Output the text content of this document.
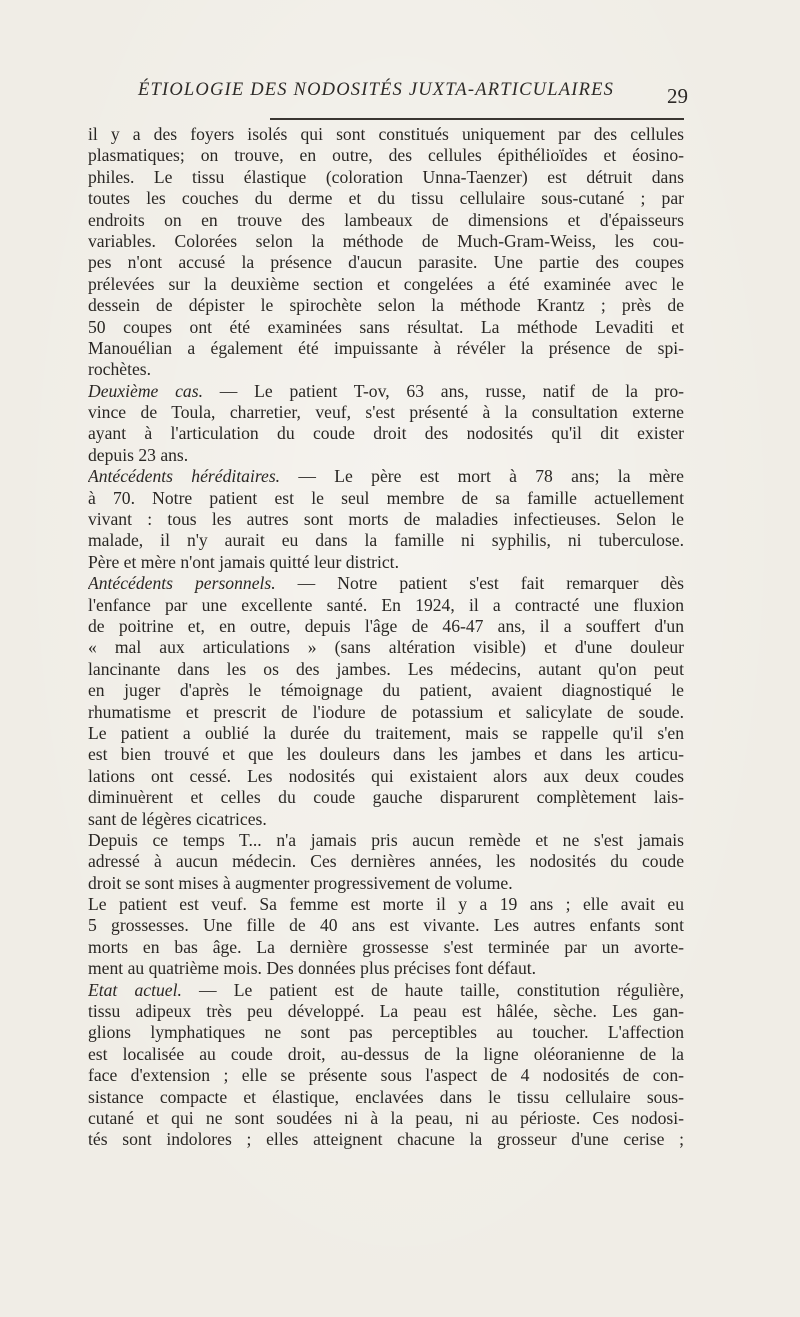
ÉTIOLOGIE DES NODOSITÉS JUXTA-ARTICULAIRES	29
il y a des foyers isolés qui sont constitués uniquement par des cellules
plasmatiques; on trouve, en outre, des cellules épithélioïdes et éosino-
philes. Le tissu élastique (coloration Unna-Taenzer) est détruit dans
toutes les couches du derme et du tissu cellulaire sous-cutané ; par
endroits on en trouve des lambeaux de dimensions et d'épaisseurs
variables. Colorées selon la méthode de Much-Gram-Weiss, les cou-
pes n'ont accusé la présence d'aucun parasite. Une partie des coupes
prélevées sur la deuxième section et congelées a été examinée avec le
dessein de dépister le spirochète selon la méthode Krantz ; près de
50 coupes ont été examinées sans résultat. La méthode Levaditi et
Manouélian a également été impuissante à révéler la présence de spi-
rochètes.
Deuxième cas. — Le patient T-ov, 63 ans, russe, natif de la pro-
vince de Toula, charretier, veuf, s'est présenté à la consultation externe
ayant à l'articulation du coude droit des nodosités qu'il dit exister
depuis 23 ans.
Antécédents héréditaires. — Le père est mort à 78 ans; la mère
à 70. Notre patient est le seul membre de sa famille actuellement
vivant : tous les autres sont morts de maladies infectieuses. Selon le
malade, il n'y aurait eu dans la famille ni syphilis, ni tuberculose.
Père et mère n'ont jamais quitté leur district.
Antécédents personnels. — Notre patient s'est fait remarquer dès
l'enfance par une excellente santé. En 1924, il a contracté une fluxion
de poitrine et, en outre, depuis l'âge de 46-47 ans, il a souffert d'un
« mal aux articulations » (sans altération visible) et d'une douleur
lancinante dans les os des jambes. Les médecins, autant qu'on peut
en juger d'après le témoignage du patient, avaient diagnostiqué le
rhumatisme et prescrit de l'iodure de potassium et salicylate de soude.
Le patient a oublié la durée du traitement, mais se rappelle qu'il s'en
est bien trouvé et que les douleurs dans les jambes et dans les articu-
lations ont cessé. Les nodosités qui existaient alors aux deux coudes
diminuèrent et celles du coude gauche disparurent complètement lais-
sant de légères cicatrices.
Depuis ce temps T... n'a jamais pris aucun remède et ne s'est jamais
adressé à aucun médecin. Ces dernières années, les nodosités du coude
droit se sont mises à augmenter progressivement de volume.
Le patient est veuf. Sa femme est morte il y a 19 ans ; elle avait eu
5 grossesses. Une fille de 40 ans est vivante. Les autres enfants sont
morts en bas âge. La dernière grossesse s'est terminée par un avorte-
ment au quatrième mois. Des données plus précises font défaut.
Etat actuel. — Le patient est de haute taille, constitution régulière,
tissu adipeux très peu développé. La peau est hâlée, sèche. Les gan-
glions lymphatiques ne sont pas perceptibles au toucher. L'affection
est localisée au coude droit, au-dessus de la ligne oléoranienne de la
face d'extension ; elle se présente sous l'aspect de 4 nodosités de con-
sistance compacte et élastique, enclavées dans le tissu cellulaire sous-
cutané et qui ne sont soudées ni à la peau, ni au périoste. Ces nodosi-
tés sont indolores ; elles atteignent chacune la grosseur d'une cerise ;
